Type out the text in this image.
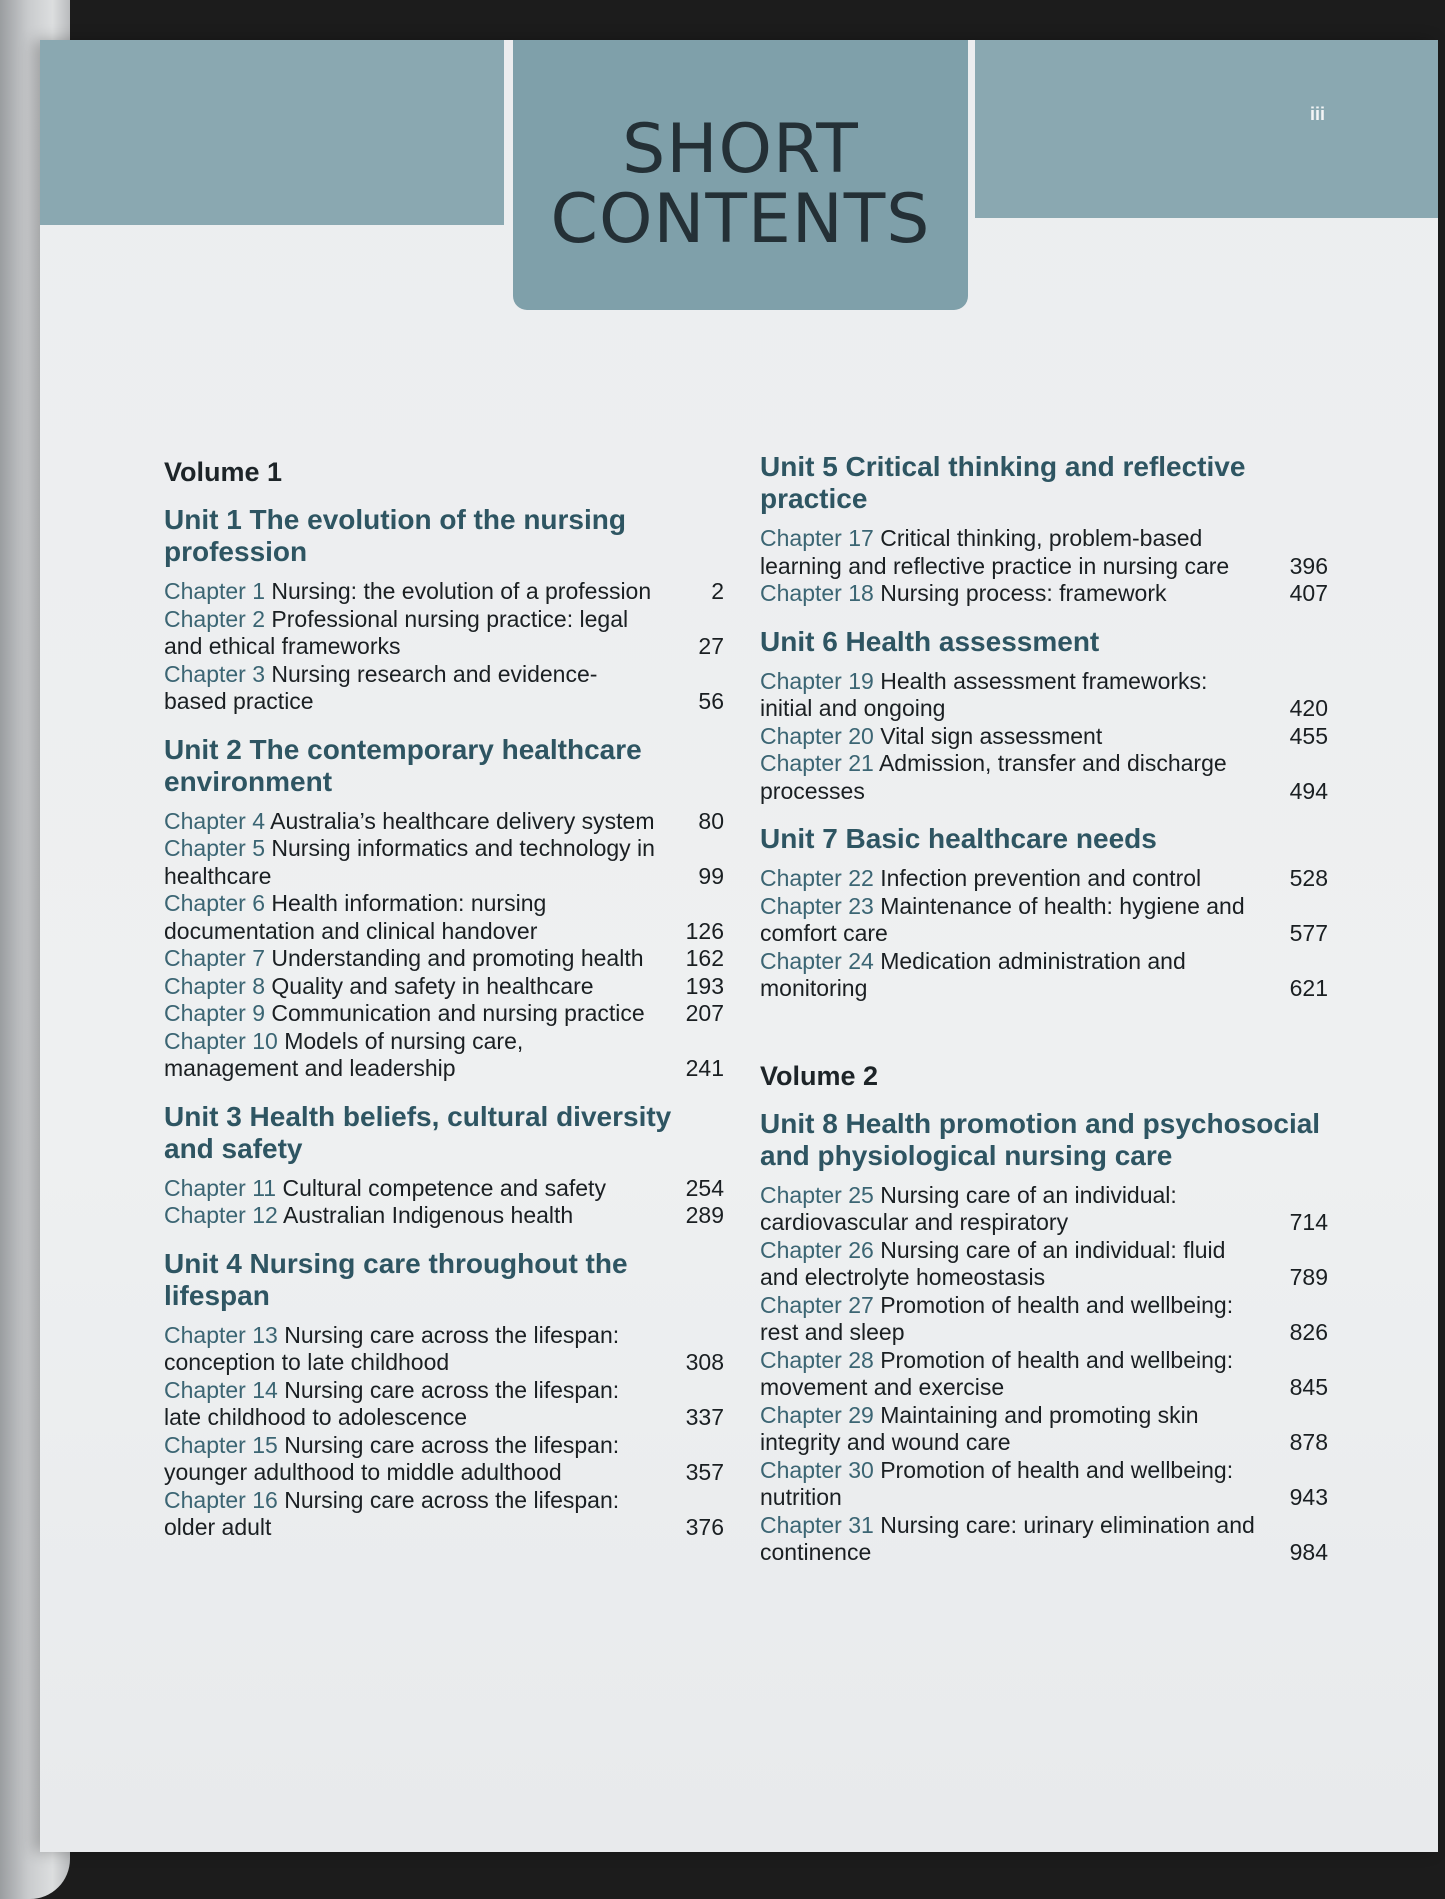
SHORT
CONTENTS
iii
Volume 1
Unit 1 The evolution of the nursing profession
Chapter 1 Nursing: the evolution of a profession	2
Chapter 2 Professional nursing practice: legal and ethical frameworks	27
Chapter 3 Nursing research and evidence-based practice	56
Unit 2 The contemporary healthcare environment
Chapter 4 Australia’s healthcare delivery system	80
Chapter 5 Nursing informatics and technology in healthcare	99
Chapter 6 Health information: nursing documentation and clinical handover	126
Chapter 7 Understanding and promoting health	162
Chapter 8 Quality and safety in healthcare	193
Chapter 9 Communication and nursing practice	207
Chapter 10 Models of nursing care, management and leadership	241
Unit 3 Health beliefs, cultural diversity and safety
Chapter 11 Cultural competence and safety	254
Chapter 12 Australian Indigenous health	289
Unit 4 Nursing care throughout the lifespan
Chapter 13 Nursing care across the lifespan: conception to late childhood	308
Chapter 14 Nursing care across the lifespan: late childhood to adolescence	337
Chapter 15 Nursing care across the lifespan: younger adulthood to middle adulthood	357
Chapter 16 Nursing care across the lifespan: older adult	376
Unit 5 Critical thinking and reflective practice
Chapter 17 Critical thinking, problem-based learning and reflective practice in nursing care	396
Chapter 18 Nursing process: framework	407
Unit 6 Health assessment
Chapter 19 Health assessment frameworks: initial and ongoing	420
Chapter 20 Vital sign assessment	455
Chapter 21 Admission, transfer and discharge processes	494
Unit 7 Basic healthcare needs
Chapter 22 Infection prevention and control	528
Chapter 23 Maintenance of health: hygiene and comfort care	577
Chapter 24 Medication administration and monitoring	621
Volume 2
Unit 8 Health promotion and psychosocial and physiological nursing care
Chapter 25 Nursing care of an individual: cardiovascular and respiratory	714
Chapter 26 Nursing care of an individual: fluid and electrolyte homeostasis	789
Chapter 27 Promotion of health and wellbeing: rest and sleep	826
Chapter 28 Promotion of health and wellbeing: movement and exercise	845
Chapter 29 Maintaining and promoting skin integrity and wound care	878
Chapter 30 Promotion of health and wellbeing: nutrition	943
Chapter 31 Nursing care: urinary elimination and continence	984
